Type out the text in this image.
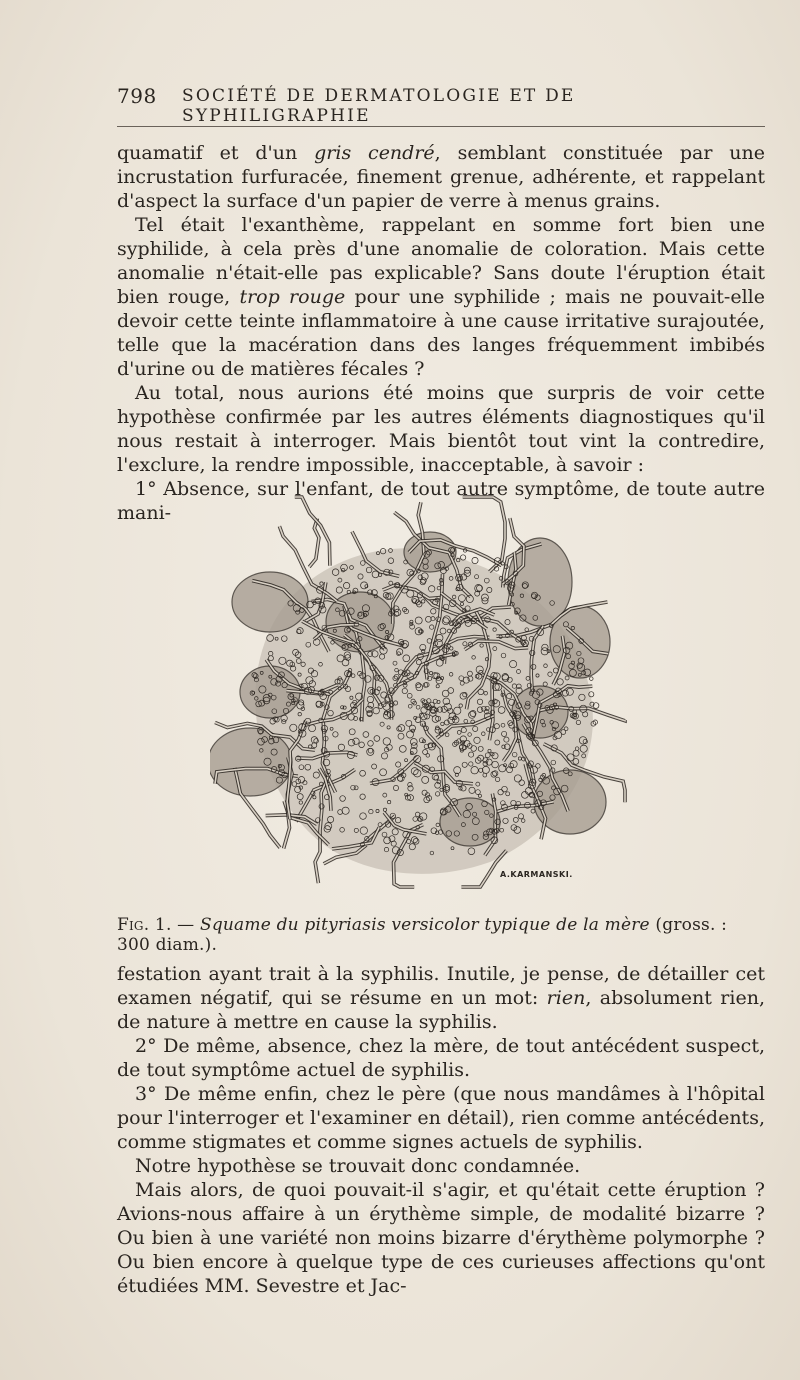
798 SOCIÉTÉ DE DERMATOLOGIE ET DE SYPHILIGRAPHIE

quamatif et d'un gris cendré, semblant constituée par une incrustation furfuracée, finement grenue, adhérente, et rappelant d'aspect la surface d'un papier de verre à menus grains.

Tel était l'exanthème, rappelant en somme fort bien une syphilide, à cela près d'une anomalie de coloration. Mais cette anomalie n'était-elle pas explicable? Sans doute l'éruption était bien rouge, trop rouge pour une syphilide ; mais ne pouvait-elle devoir cette teinte inflammatoire à une cause irritative surajoutée, telle que la macération dans des langes fréquemment imbibés d'urine ou de matières fécales ?

Au total, nous aurions été moins que surpris de voir cette hypothèse confirmée par les autres éléments diagnostiques qu'il nous restait à interroger. Mais bientôt tout vint la contredire, l'exclure, la rendre impossible, inacceptable, à savoir :

1° Absence, sur l'enfant, de tout autre symptôme, de toute autre mani-

A.KARMANSKI.
Fig. 1. — Squame du pityriasis versicolor typique de la mère (gross. : 300 diam.).

festation ayant trait à la syphilis. Inutile, je pense, de détailler cet examen négatif, qui se résume en un mot: rien, absolument rien, de nature à mettre en cause la syphilis.

2° De même, absence, chez la mère, de tout antécédent suspect, de tout symptôme actuel de syphilis.

3° De même enfin, chez le père (que nous mandâmes à l'hôpital pour l'interroger et l'examiner en détail), rien comme antécédents, comme stigmates et comme signes actuels de syphilis.

Notre hypothèse se trouvait donc condamnée.

Mais alors, de quoi pouvait-il s'agir, et qu'était cette éruption ? Avions-nous affaire à un érythème simple, de modalité bizarre ? Ou bien à une variété non moins bizarre d'érythème polymorphe ? Ou bien encore à quelque type de ces curieuses affections qu'ont étudiées MM. Sevestre et Jac-
